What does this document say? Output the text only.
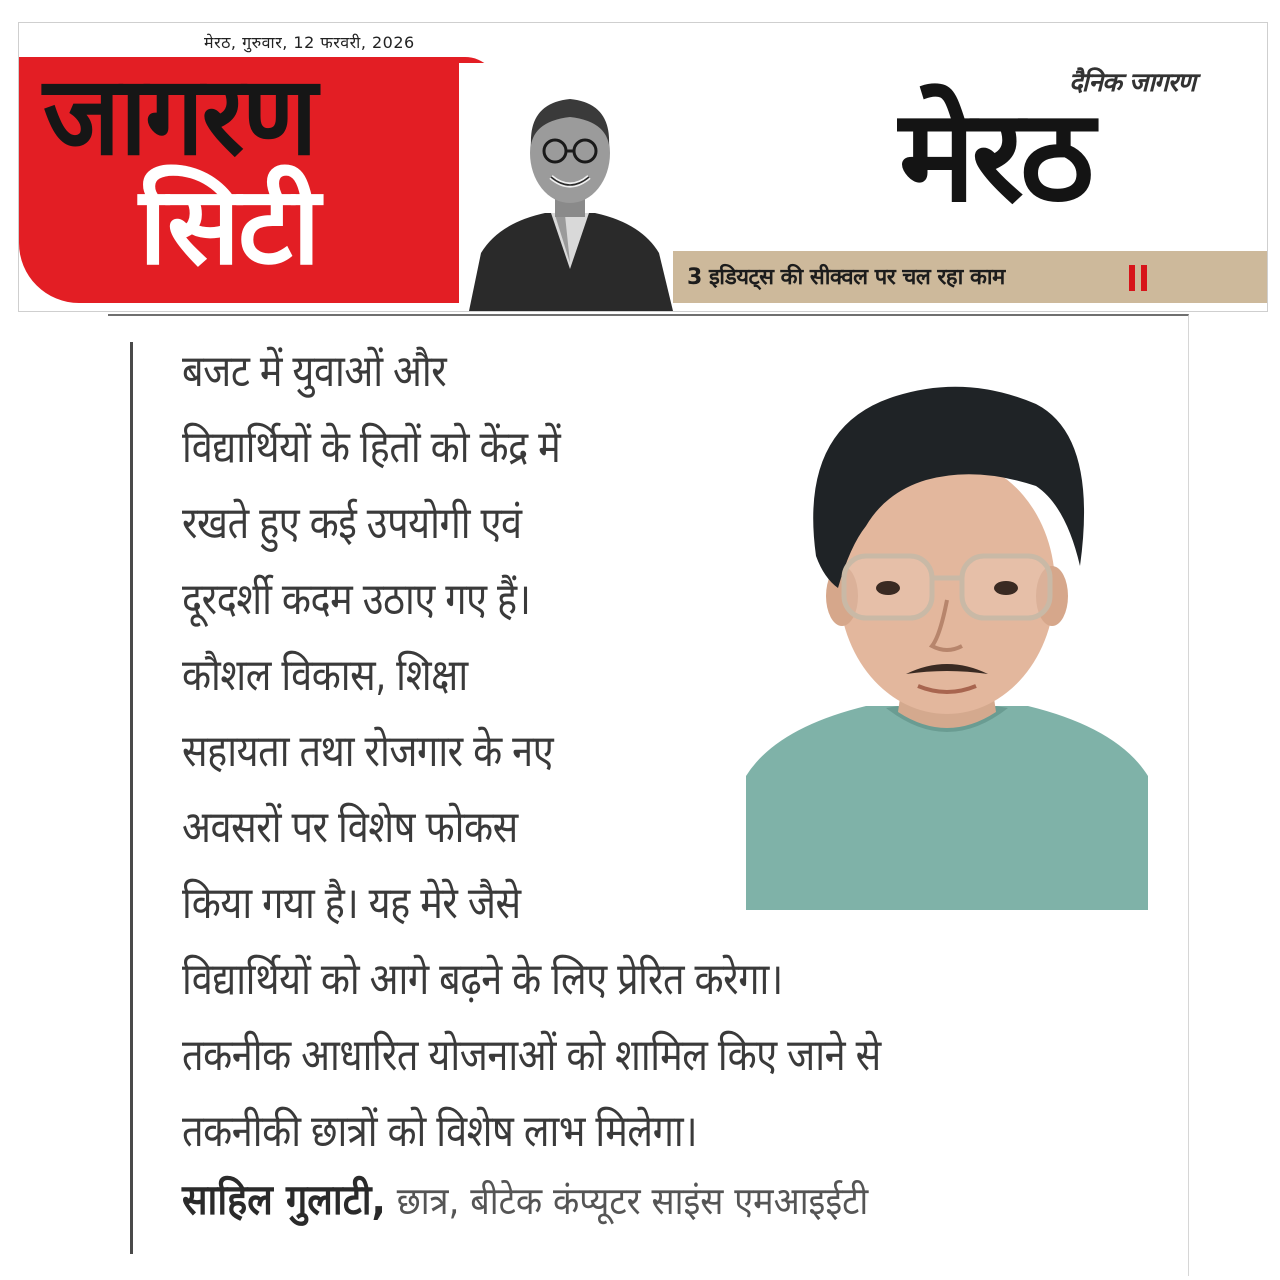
मेरठ, गुरुवार, 12 फरवरी, 2026
जागरण
सिटी
दैनिक जागरण
मेरठ
3 इडियट्स की सीक्वल पर चल रहा काम
बजट में युवाओं और
विद्यार्थियों के हितों को केंद्र में
रखते हुए कई उपयोगी एवं
दूरदर्शी कदम उठाए गए हैं।
कौशल विकास, शिक्षा
सहायता तथा रोजगार के नए
अवसरों पर विशेष फोकस
किया गया है। यह मेरे जैसे
विद्यार्थियों को आगे बढ़ने के लिए प्रेरित करेगा।
तकनीक आधारित योजनाओं को शामिल किए जाने से
तकनीकी छात्रों को विशेष लाभ मिलेगा।
साहिल गुलाटी, छात्र, बीटेक कंप्यूटर साइंस एमआइईटी
